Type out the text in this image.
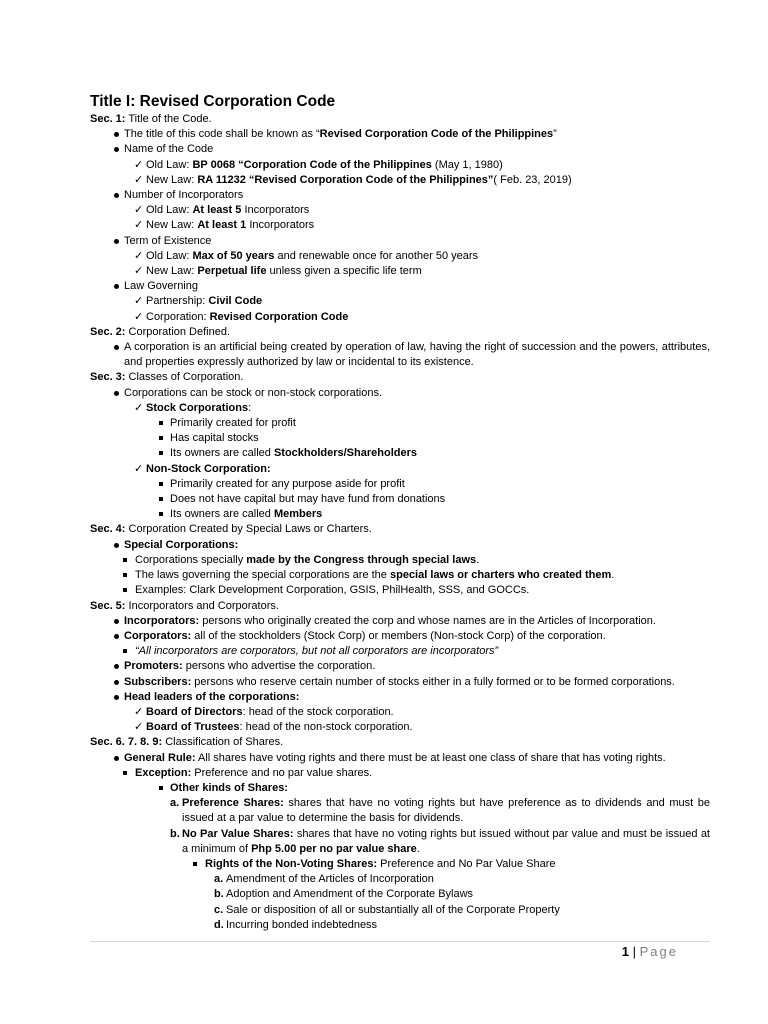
Title I: Revised Corporation Code
Sec. 1: Title of the Code.
The title of this code shall be known as “Revised Corporation Code of the Philippines”
Name of the Code
✓ Old Law: BP 0068 “Corporation Code of the Philippines (May 1, 1980)
✓ New Law: RA 11232 “Revised Corporation Code of the Philippines”( Feb. 23, 2019)
Number of Incorporators
✓ Old Law: At least 5 Incorporators
✓ New Law: At least 1 Incorporators
Term of Existence
✓ Old Law: Max of 50 years and renewable once for another 50 years
✓ New Law: Perpetual life unless given a specific life term
Law Governing
✓ Partnership: Civil Code
✓ Corporation: Revised Corporation Code
Sec. 2: Corporation Defined.
A corporation is an artificial being created by operation of law, having the right of succession and the powers, attributes, and properties expressly authorized by law or incidental to its existence.
Sec. 3: Classes of Corporation.
Corporations can be stock or non-stock corporations.
✓ Stock Corporations:
Primarily created for profit
Has capital stocks
Its owners are called Stockholders/Shareholders
✓ Non-Stock Corporation:
Primarily created for any purpose aside for profit
Does not have capital but may have fund from donations
Its owners are called Members
Sec. 4: Corporation Created by Special Laws or Charters.
Special Corporations:
Corporations specially made by the Congress through special laws.
The laws governing the special corporations are the special laws or charters who created them.
Examples: Clark Development Corporation, GSIS, PhilHealth, SSS, and GOCCs.
Sec. 5: Incorporators and Corporators.
Incorporators: persons who originally created the corp and whose names are in the Articles of Incorporation.
Corporators: all of the stockholders (Stock Corp) or members (Non-stock Corp) of the corporation.
“All incorporators are corporators, but not all corporators are incorporators”
Promoters: persons who advertise the corporation.
Subscribers: persons who reserve certain number of stocks either in a fully formed or to be formed corporations.
Head leaders of the corporations:
✓ Board of Directors: head of the stock corporation.
✓ Board of Trustees: head of the non-stock corporation.
Sec. 6. 7. 8. 9: Classification of Shares.
General Rule: All shares have voting rights and there must be at least one class of share that has voting rights.
Exception: Preference and no par value shares.
Other kinds of Shares:
a. Preference Shares: shares that have no voting rights but have preference as to dividends and must be issued at a par value to determine the basis for dividends.
b. No Par Value Shares: shares that have no voting rights but issued without par value and must be issued at a minimum of Php 5.00 per no par value share.
Rights of the Non-Voting Shares: Preference and No Par Value Share
a. Amendment of the Articles of Incorporation
b. Adoption and Amendment of the Corporate Bylaws
c. Sale or disposition of all or substantially all of the Corporate Property
d. Incurring bonded indebtedness
1 | Page
